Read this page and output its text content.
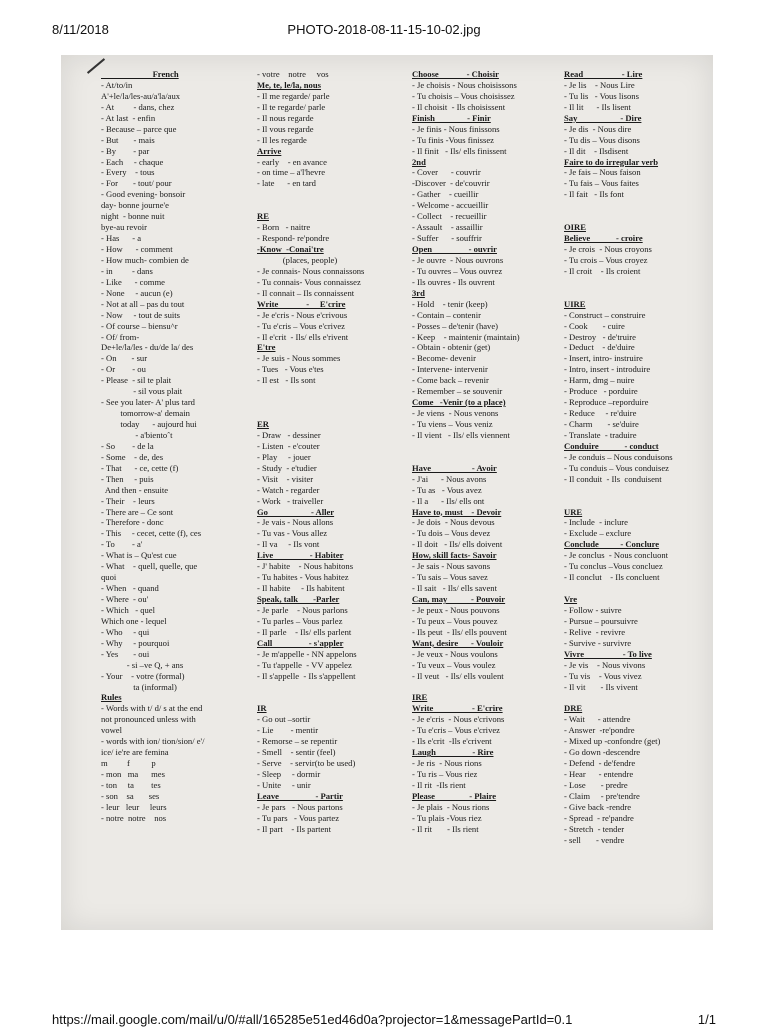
8/11/2018	PHOTO-2018-08-11-15-10-02.jpg
French
- At/to/in
A'+le/la/les-au/a'la/aux
- At         - dans, chez
- At last  - enfin
- Because – parce que
- But       - mais
- By        - par
- Each     - chaque
- Every    - tous
- For       - tout/ pour
- Good evening- bonsoir
day- bonne journe'e
night  - bonne nuit
bye-au revoir
- Has      - a
- How      - comment
- How much- combien de
- in         - dans
- Like      - comme
- None     - aucun (e)
- Not at all – pas du tout
- Now     - tout de suits
- Of course – biensu^r
- Of/ from-
De+le/la/les - du/de la/ des
- On       - sur
- Or        - ou
- Please  - sil te plait
- sil vous plait
- See you later- A' plus tard
tomorrow-a' demain
today      - aujourd hui
- a'bientoˆt
- So        - de la
- Some    - de, des
- That      - ce, cette (f)
- Then     - puis
And then - ensuite
- Their    - leurs
- There are – Ce sont
- Therefore - donc
- This     - cecet, cette (f), ces
- To        - a'
- What is – Qu'est cue
- What    - quell, quelle, que
quoi
- When   - quand
- Where  - ou'
- Which   - quel
Which one - lequel
- Who     - qui
- Why     - pourquoi
- Yes       - oui
- si –ve Q, + ans
- Your    - votre (formal)
ta (informal)
Rules
- Words with t/ d/ s at the end
not pronounced unless with
vowel
- words with ion/ tion/sion/ e'/
ice/ ie're are femina
m         f          p
- mon   ma      mes
- ton     ta        tes
- son    sa       ses
- leur   leur     leurs
- notre  notre    nos
- votre    notre     vos
Me, te, le/la, nous
- Il me regarde/ parle
- Il te regarde/ parle
- Il nous regarde
- Il vous regarde
- Il les regarde
Arrive
- early    - en avance
- on time – a'l'hevre
- late      - en tard
RE
- Born   - naitre
- Respond- re'pondre
-Know  -Conai'tre
(places, people)
- Je connais- Nous connaissons
- Tu connais- Vous connaissez
- Il connait – Ils connaissent
Write             -     E'crire
- Je e'cris - Nous e'crivous
- Tu e'cris – Vous e'crivez
- Il e'crit  - Ils/ ells e'rivent
E'tre
- Je suis - Nous sommes
- Tues   - Vous e'tes
- Il est   - Ils sont
ER
- Draw   - dessiner
- Listen  - e'couter
- Play     - jouer
- Study  - e'tudier
- Visit    - visiter
- Watch - regarder
- Work   - traiveller
Go                    - Aller
- Je vais - Nous allons
- Tu vas - Vous allez
- Il va     - Ils vont
Live                 - Habiter
- J' habite    - Nous habitons
- Tu habites - Vous habitez
- Il habite     - Ils habitent
Speak, talk       -Parler
- Je parle    - Nous parlons
- Tu parles – Vous parlez
- Il parle    - Ils/ ells parlent
Call                 - s'appler
- Je m'appelle - NN appelons
- Tu t'appelle  - VV appelez
- Il s'appelle  - Ils s'appellent
IR
- Go out –sortir
- Lie        - mentir
- Remorse – se repentir
- Smell    - sentir (feel)
- Serve    - servir(to be used)
- Sleep     - dormir
- Unite     - unir
Leave                 - Partir
- Je pars   - Nous partons
- Tu pars   - Vous partez
- Il part    - Ils partent
Choose             - Choisir
- Je choisis - Nous choisissons
- Tu choisis – Vous choisissez
- Il choisit  - Ils choisissent
Finish               - Finir
- Je finis - Nous finissons
- Tu finis -Vous finissez
- Il finit   - Ils/ ells finissent
2nd
- Cover      - couvrir
-Discover  - de'couvrir
- Gather    - cueillir
- Welcome - accueillir
- Collect    - recueillir
- Assault    - assaillir
- Suffer      - souffrir
Open                 - ouvrir
- Je ouvre  - Nous ouvrons
- Tu ouvres – Vous ouvrez
- Ils ouvres - Ils ouvrent
3rd
- Hold    - tenir (keep)
- Contain – contenir
- Posses – de'tenir (have)
- Keep    - maintenir (maintain)
- Obtain - obtenir (get)
- Become- devenir
- Intervene- intervenir
- Come back – revenir
- Remember – se souvenir
Come   -Venir (to a place)
- Je viens  - Nous venons
- Tu viens – Vous veniz
- Il vient   - Ils/ ells viennent
Have                   - Avoir
- J'ai      - Nous avons
- Tu as   - Vous avez
- Il a      - Ils/ ells ont
Have to, must    - Devoir
- Je dois  - Nous devous
- Tu dois – Vous devez
- Il doit   - Ils/ ells doivent
How, skill facts- Savoir
- Je sais - Nous savons
- Tu sais – Vous savez
- Il sait   - Ils/ ells savent
Can, may           - Pouvoir
- Je peux - Nous pouvons
- Tu peux – Vous pouvez
- Ils peut  - Ils/ ells pouvent
Want, desire      - Vouloir
- Je veux - Nous voulons
- Tu veux – Vous voulez
- Il veut   - Ils/ ells voulent
IRE
Write                  - E'crire
- Je e'cris  - Nous e'crivons
- Tu e'cris – Vous e'crivez
- Ils e'crit  -Ils e'crivent
Laugh                 - Rire
- Je ris  - Nous rions
- Tu ris – Vous riez
- Il rit  -Ils rient
Please                - Plaire
- Je plais  - Nous rions
- Tu plais -Vous riez
- Il rit       - Ils rient
Read                  - Lire
- Je lis    - Nous Lire
- Tu lis   - Vous lisons
- Il lit      - Ils lisent
Say                    - Dire
- Je dis  - Nous dire
- Tu dis – Vous disons
- Il dit    - Ilsdisent
Faire to do irregular verb
- Je fais – Nous faison
- Tu fais – Vous faites
- Il fait   - Ils font
OIRE
Believe            - croire
- Je crois  - Nous croyons
- Tu crois – Vous croyez
- Il croit    - Ils croient
UIRE
- Construct – construire
- Cook       - cuire
- Destroy   - de'truire
- Deduct    - de'duire
- Insert, intro- instruire
- Intro, insert - introduire
- Harm, dmg – nuire
- Produce   - porduire
- Reproduce –reporduire
- Reduce     - re'duire
- Charm       - se'duire
- Translate  - traduire
Conduire            - conduct
- Je conduis – Nous conduisons
- Tu conduis – Vous conduisez
- Il conduit  - Ils  conduisent
URE
- Include  - inclure
- Exclude – exclure
Conclude          - Conclure
- Je conclus  - Nous concluont
- Tu conclus –Vous concluez
- Il conclut    - Ils concluent
Vre
- Follow - suivre
- Pursue – poursuivre
- Relive  - revivre
- Survive - survivre
Vivre                  - To live
- Je vis    - Nous vivons
- Tu vis    - Vous vivez
- Il vit       - Ils vivent
DRE
- Wait      - attendre
- Answer  -re'pondre
- Mixed up -confondre (get)
- Go down -descendre
- Defend  - de'fendre
- Hear      - entendre
- Lose       - predre
- Claim     - pre'tendre
- Give back -rendre
- Spread  - re'pandre
- Stretch  - tender
- sell       - vendre
https://mail.google.com/mail/u/0/#all/165285e51ed46d0a?projector=1&messagePartId=0.1	1/1
